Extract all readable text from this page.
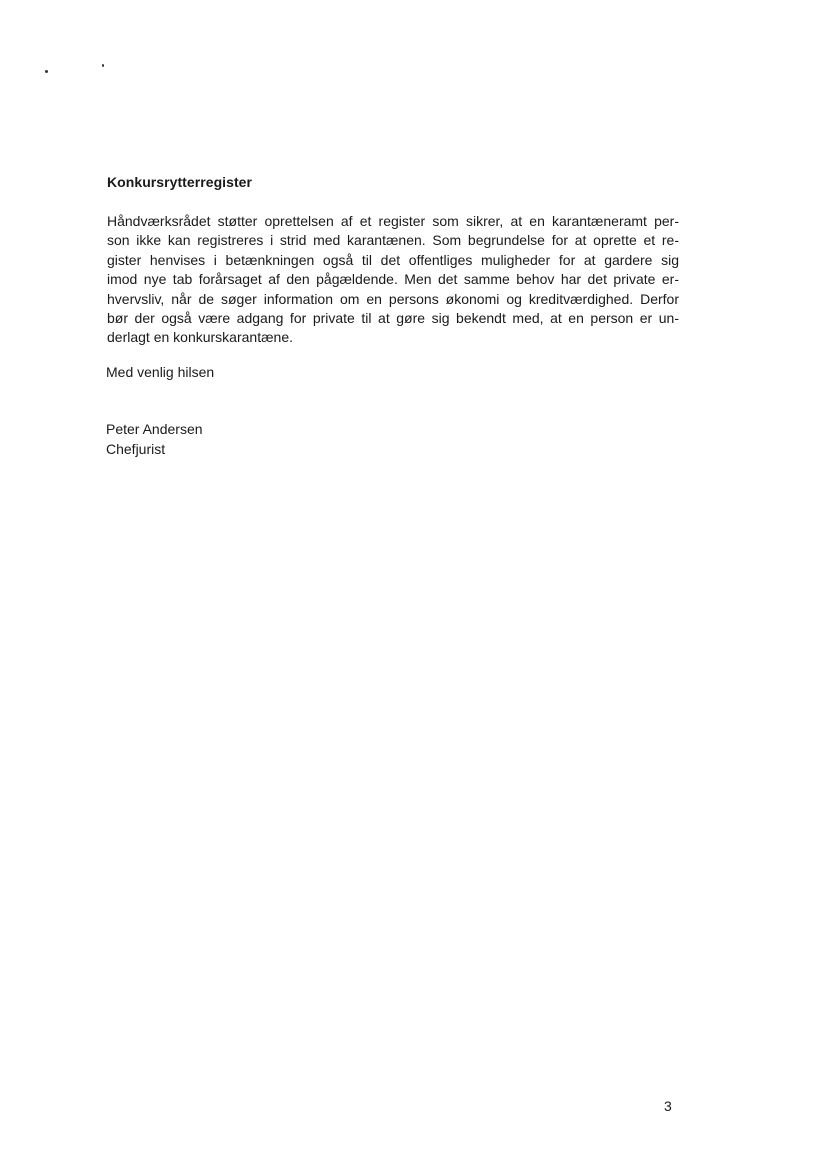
Konkursrytterregister
Håndværksrådet støtter oprettelsen af et register som sikrer, at en karantæneramt per-
son ikke kan registreres i strid med karantænen. Som begrundelse for at oprette et re-
gister henvises i betænkningen også til det offentliges muligheder for at gardere sig
imod nye tab forårsaget af den pågældende. Men det samme behov har det private er-
hvervsliv, når de søger information om en persons økonomi og kreditværdighed. Derfor
bør der også være adgang for private til at gøre sig bekendt med, at en person er un-
derlagt en konkurskarantæne.
Med venlig hilsen
Peter Andersen
Chefjurist
3
